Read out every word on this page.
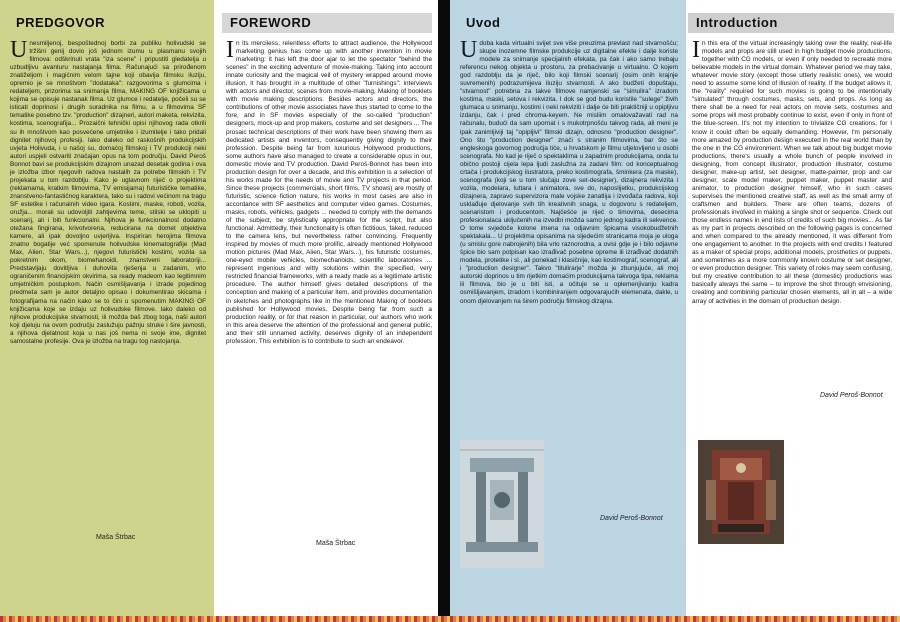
PREDGOVOR	FOREWORD	Uvod	Introduction

Unesmiljenoj, bespoštednoj borbi za publiku holivudski se tržišni genij dovio još jednom izumu u plasmanu svojih filmova: odškrinuti vrata "iza scene" i pripustiti gledatelja u uzbudljivu avanturu nastajanja filma. Računajući sa prirođenom znatiželjom i magičnim velom tajne koji obavija filmsku iluziju, opremio je se mnoštvom "dodataka": razgovorima s glumcima i redateljem, prizorima sa snimanja filma, MAKING OF knjižicama u kojima se opisuje nastanak filma. Uz glumce i redatelje, počeli su se isticati doprinosi i drugih suradnika na filmu, a u filmovima SF tematike posebno tzv. "production" dizajneri, autori maketa, rekvizita, kostima, scenografija... Prozaični tehnički opisi njihovog rada otkrili su ih mnoštvom kao posvećene umjetnike i izumitelje i tako pridali dignitet njihovoj profesiji. Iako daleko od raskošnih produkcijskih uvjeta Holivuda, i u našoj su, domaćoj filmskoj i TV produkciji neki autori uspjeli ostvariti značajan opus na tom području. David Peroš Bonnot bavi se produkcijskim dizajnom unazad desetak godina i ova je izložba izbor njegovih radova nastalih za potrebe filmskih i TV projekata u tom razdoblju. Kako je uglavnom riječ o projektima (reklamama, kratkim filmovima, TV emisijama) futurističke tematike, znanstveno-fantastičnog karaktera, tako su i radovi većinom na tragu SF estetike i računalnih video igara. Kostimi, maske, roboti, vozila, oružja... morali su udovoljiti zahtjevima teme, stilski se uklopiti u scenarij, ali i biti funkcionalni. Njihova je funkcionalnost dodatno otežana fingirana, krivotvorena, reducirana na domet objektiva kamere, ali ipak dovoljno uvjerljiva. Inspiriran herojima filmova znatno bogatije već spomenute holivudske kinematografije (Mad Max, Alien, Star Wars...), njegovi futuristički kostimi, vozila sa pokretnim okom, biomehanoidi, znanstveni laboratoriji... Predstavljaju dovitljiva i duhovita rješenja u zadanim, vrlo ograničenim financijskim okvirima, sa ready madeom kao legitimnim umjetničkim postupkom. Način osmišljavanja i izrade pojedinog predmeta sam je autor detaljno opisao i dokumentirao skicama i fotografijama na način kako se to čini u spomenutim MAKING OF knjižicama koje se izdaju uz holivudske filmove. Iako daleko od njihove produkcijske stvarnosti, ili možda baš zbog toga, naši autori koji djeluju na ovom području zaslužuju pažnju struke i šire javnosti, a njihova djelatnost koja u nas još nema ni svoje ime, dignitet samostalne profesije. Ova je izložba na tragu tog nastojanja.

Maša Štrbac

In its merciless, relentless efforts to attract audience, the Hollywood marketing genius has come up with another invention in movie marketing: it has left the door ajar to let the spectator "behind the scenes" in the exciting adventure of movie-making. Taking into account innate curiosity and the magical veil of mystery wrapped around movie illusion, it has brought in a multitude of other "furnishings": interviews with actors and director, scenes from movie-making, Making of booklets with movie making descriptions. Besides actors and directors, the contributions of other movie associates have thus started to come to the fore, and in SF movies especially of the so-called "production" designers, mock-up and prop makers, costume and set designers ... The prosaic technical descriptions of their work have been showing them as dedicated artists and inventors, consequently giving dignity to their profession. Despite being far from luxurious Hollywood productions, some authors have also managed to create a considerable opus in our, domestic movie and TV production. David Peroš-Bonnot has been into production design for over a decade, and this exhibition is a selection of his works made for the needs of movie and TV projects in that period. Since these projects (commercials, short films, TV shows) are mostly of futuristic, science fiction nature, his works in most cases are also in accordance with SF aesthetics and computer video games. Costumes, masks, robots, vehicles, gadgets ... needed to comply with the demands of the subject, be stylistically appropriate for the script, but also functional. Admittedly, their functionality is often fictitious, faked, reduced to the camera lens, but nevertheless rather convincing. Frequently inspired by movies of much more prolific, already mentioned Hollywood motion pictures (Mad Max, Alien, Star Wars...), his futuristic costumes, one-eyed mobile vehicles, biomechanoids, scientific laboratories ... represent ingenious and witty solutions within the specified, very restricted financial frameworks, with a ready made as a legitimate artistic procedure. The author himself gives detailed descriptions of the conception and making of a particular item, and provides documentation in sketches and photographs like in the mentioned Making of booklets published for Hollywood movies. Despite being far from such a production reality, or for that reason in particular, our authors who work in this area deserve the attention of the professional and general public, and their still unnamed activity, deserves dignity of an independent profession. This exhibition is to contribute to such an endeavor.

Maša Štrbac

Udoba kada virtualni svijet sve više preuzima prevlast nad stvarnošću; skupe inozemne filmske produkcije uz digitalne efekte i dalje koriste modele za snimanje specijalnih efekata, pa čak i ako samo trebaju referencu nekog objekta u prostoru, za prebacivanje u virtualno. O kojem god razdoblju da je riječ, bilo koji filmski scenarij (osim onih krajnje suvremenih) podrazumijeva iluziju stvarnosti. A ako budžeti dopuštaju, "stvarnost" potrebna za takve filmove namjenski se "simulira" izradom kostima, maski, setova i rekvizita. I dok se god budu koristile "sulege" živih glumaca u snimanju, kostimi i neki rekviziti i dalje će biti praktičniji u opipljivu izdanju, čak i pred chroma-keyem. Ne misliim omalovažavati rad na računalu, budući da sam upornat i s mukotrpnošću takvog rada, ali meni je ipak zanimljiviji taj "opipljivi" filmski dizajn, odnosno "production designer". Ono što "production designer" znači s stranim filmovima, bar što se engleskoga govornog područja tiče, u hrvatskom je filmu utjelovljeno u osobi scenografa. No kad je riječ o spektaklima u zapadnim produkcijama, onda tu obično postoji cijela lepa ljudi zaslužna za zadani film: od konceptualnog crtača i produkcijskog ilustratora, preko kostimografa, šminkera (za maske), scenografa (koji se u tom slučaju zove set-designer), dizajnera rekvizita i vozila, modelara, luttara i animatora, sve do, naposlijetku, produkcijskog dizajnera, zapravo supervizora male vojske zanatlija i izvođača radova, koji usklađuje djelovanje svih tih kreativnih snaga, u dogovoru s redateljem, scenaristom i producentom. Najčešće je riječ o timovima, desecima profesionalaca uključenih na izvedbi možda samo jednog kadra ili sekvence. O tome svjedoče kolone imena na odjavnim špicama visokobudžetnih spektakala... U projektima opisanima na sljedećim stranicama moja je uloga (u smislu gore nabrojenih) bila vrlo raznorodna, a ovisi gdje je i bilo odjavne špice bio sam potpisan kao izrađivač posebne opreme ili izrađivač dodatnih modela, protetike i sl., ali ponekad i klasičnije, kao kostimograf, scenograf, ali i "production designer". Takvo "titulirarje" možda je zbunjujuće, ali moj autorski doprinos u tim rijetkim domaćim produkcijama takvoga tipa, reklama ili filmova, bio je u biti isti, a očituje se u oplemenjivanju kadra osmišljavanjem, izradom i kombiniranjem odgovarajućih elemenata, dakle, u onom djelovanjem na širem području filmskog dizajna.

David Peroš-Bonnot

In this era of the virtual increasingly taking over the reality, real-life models and props are still used in high budget movie productions, together with CG models, or even if only needed to recreate more believable models in the virtual domain. Whatever period we may take, whatever movie story (except those utterly realistic ones), we would need to assume some kind of illusion of reality. If the budget allows it, the "reality" required for such movies is going to be intentionally "simulated" through costumes, masks, sets, and props. As long as there shall be a need for real actors on movie sets, costumes and some props will most probably continue to exist, even if only in front of the blue-screen. It's not my intention to trivialize CG creations, for I know it could often be equally demanding. However, I'm personally more amazed by production design executed in the real world than by the one in the CG environment. When we talk about big budget movie productions, there's usually a whole bunch of people involved in designing, from concept illustrator, production illustrator, costume designer, make-up artist, set designer, matte-painter, prop and car designer, scale model maker, puppet maker, puppet master and animator, to production designer himself, who in such cases supervises the mentioned creative staff, as well as the small army of craftsmen and builders. There are often teams, dozens of professionals involved in making a single shot or sequence. Check out those endless names in end lists of credits of such big movies... As far as my part in projects described on the following pages is concerned and when compared to the already mentioned, it was different from one engagement to another. In the projects with end credits I featured as a maker of special props, additional models, prosthetics or puppets, and sometimes as a more commonly known costume or set designer, or even production designer. This variety of roles may seem confusing, but my creative contribution to all these (domestic) productions was basically always the same – to improve the shot through envisioning, creating and combining particular chosen elements, all in all – a wide array of activities in the domain of production design.

David Peroš-Bonnot
